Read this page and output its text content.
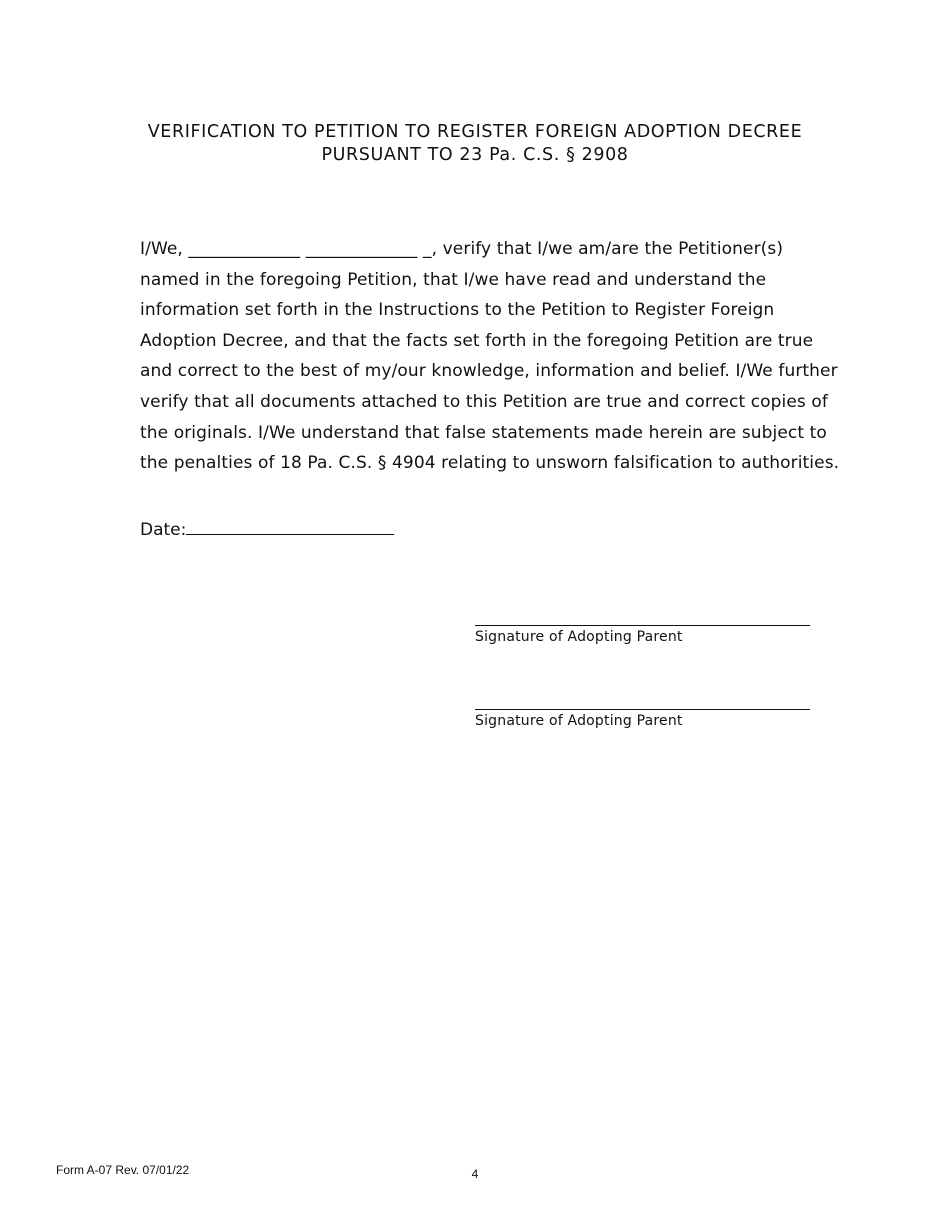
VERIFICATION TO PETITION TO REGISTER FOREIGN ADOPTION DECREE
PURSUANT TO 23 Pa. C.S. § 2908
I/We, _____________ _____________ _, verify that I/we am/are the Petitioner(s)
named in the foregoing Petition, that I/we have read and understand the
information set forth in the Instructions to the Petition to Register Foreign
Adoption Decree, and that the facts set forth in the foregoing Petition are true
and correct to the best of my/our knowledge, information and belief. I/We further
verify that all documents attached to this Petition are true and correct copies of
the originals. I/We understand that false statements made herein are subject to
the penalties of 18 Pa. C.S. § 4904 relating to unsworn falsification to authorities.
Date:
Signature of Adopting Parent
Signature of Adopting Parent
Form A-07 Rev. 07/01/22	4
